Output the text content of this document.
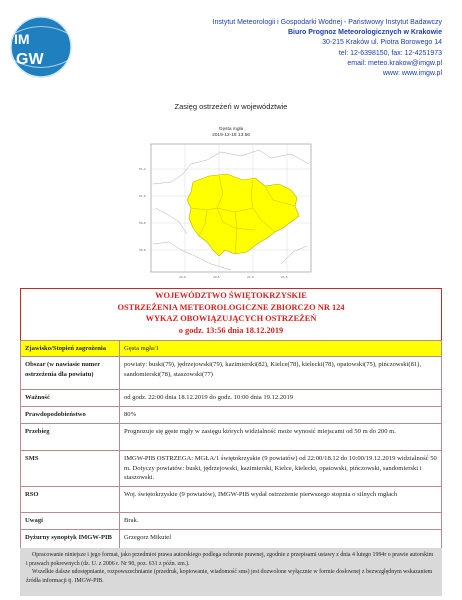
IM
GW
Instytut Meteorologii i Gospodarki Wodnej - Państwowy Instytut Badawczy
Biuro Prognoz Meteorologicznych w Krakowie
30-215 Kraków ul. Piotra Borowego 14
tel: 12-6398150, fax: 12-4251973
email: meteo.krakow@imgw.pl
www: www.imgw.pl
Zasięg ostrzeżeń w województwie
Gęsta mgła
2019-12-18 13:56
51.2
51.0
50.8
50.6
20.0	20.5	21.0	21.5
WOJEWÓDZTWO ŚWIĘTOKRZYSKIE
OSTRZEŻENIA METEOROLOGICZNE ZBIORCZO NR 124
WYKAZ OBOWIĄZUJĄCYCH OSTRZEŻEŃ
o godz. 13:56 dnia 18.12.2019
Zjawisko/Stopień zagrożenia	Gęsta mgła/1
Obszar (w nawiasie numer ostrzeżenia dla powiatu)	powiaty: buski(79), jędrzejowski(79), kazimierski(82), Kielce(78), kielecki(78), opatowski(75), pińczowski(81), sandomierski(78), staszowski(77)
Ważność	od godz. 22:00 dnia 18.12.2019 do godz. 10:00 dnia 19.12.2019
Prawdopodobieństwo	80%
Przebieg	Prognozuje się gęste mgły w zasięgu których widzialność może wynosić miejscami od 50 m do 200 m.
SMS	IMGW-PIB OSTRZEGA: MGŁA/1 świętokrzyskie (9 powiatów) od 22:00/18.12 do 10:00/19.12.2019 widzialność 50 m. Dotyczy powiatów: buski, jędrzejowski, kazimierski, Kielce, kielecki, opatowski, pińczowski, sandomierski i staszowski.
RSO	Woj. świętokrzyskie (9 powiatów), IMGW-PIB wydał ostrzeżenie pierwszego stopnia o silnych mgłach
Uwagi	Brak.
Dyżurny synoptyk IMGW-PIB	Grzegorz Mikutel

Opracowanie niniejsze i jego format, jako przedmiot prawa autorskiego podlega ochronie prawnej, zgodnie z przepisami ustawy z dnia 4 lutego 1994r o prawie autorskim i prawach pokrewnych (dz. U. z 2006 r. Nr 90, poz. 631 z późn. zm.).

Wszelkie dalsze udostępnianie, rozpowszechnianie (przedruk, kopiowanie, wiadomość sms) jest dozwolone wyłącznie w formie dosłownej z bezwzględnym wskazaniem źródła informacji tj. IMGW-PIB.
